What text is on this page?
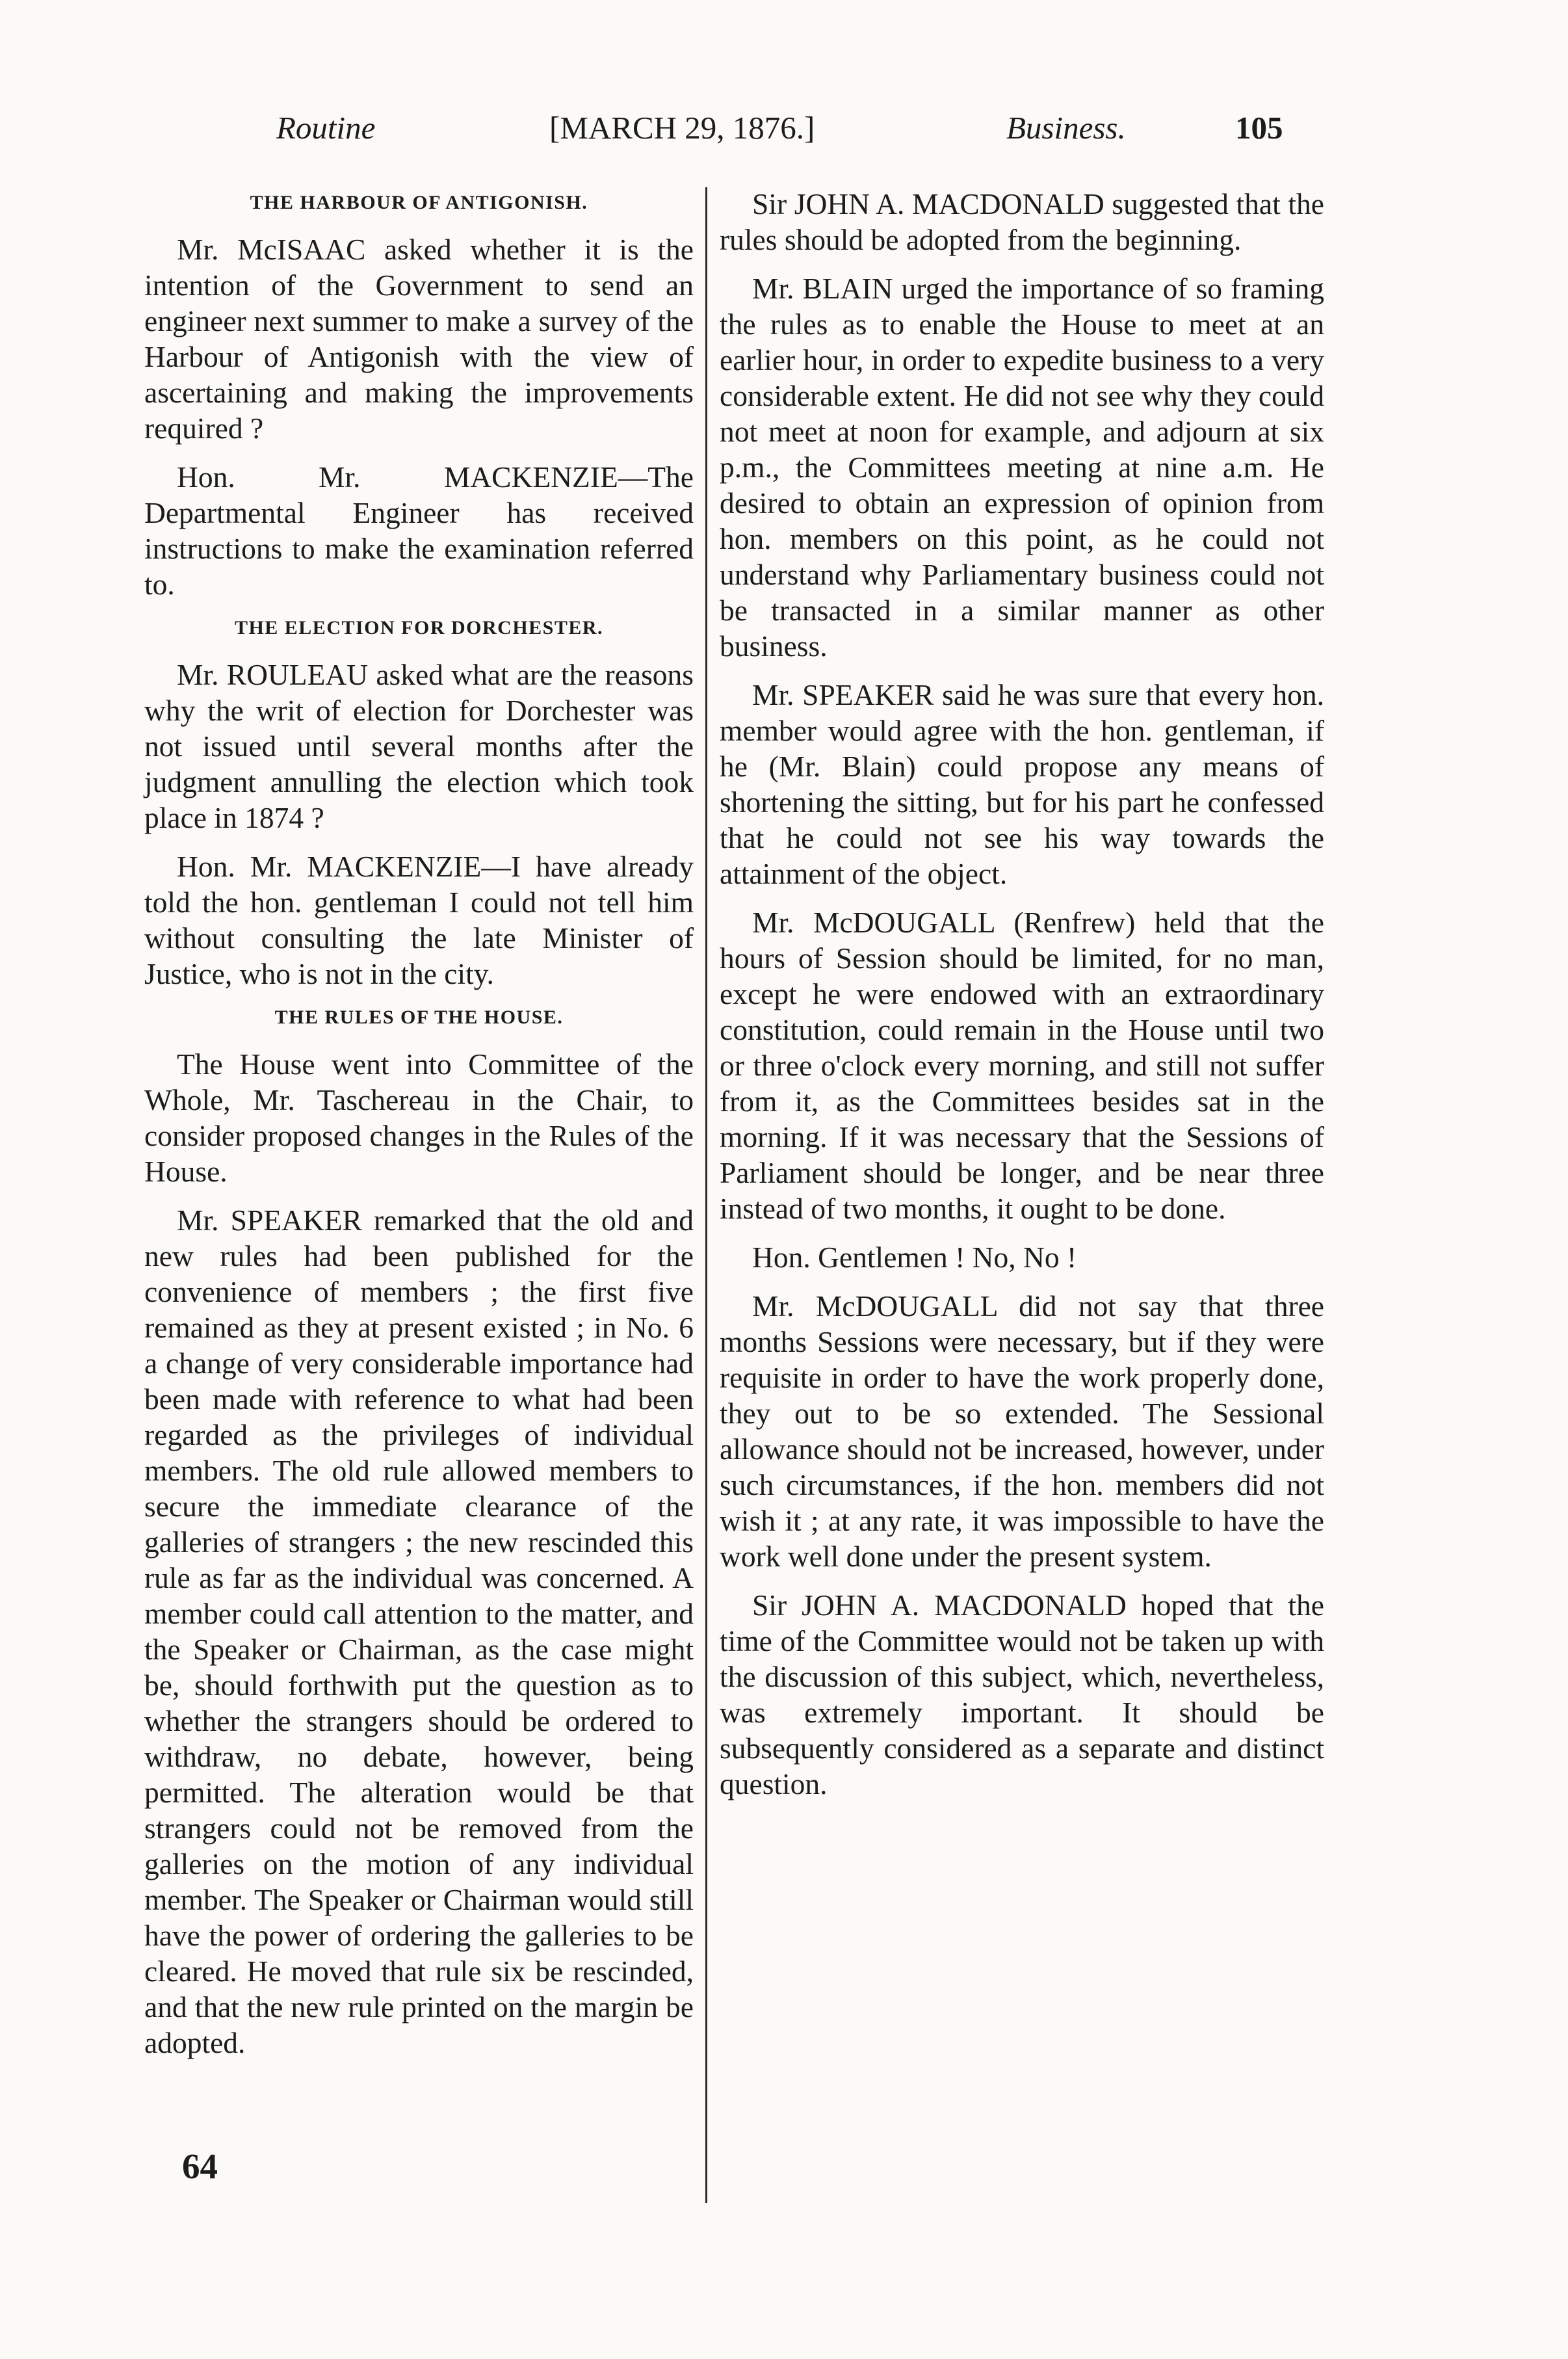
Routine	[MARCH 29, 1876.]	Business.	105
THE HARBOUR OF ANTIGONISH.

Mr. McISAAC asked whether it is the intention of the Government to send an engineer next summer to make a survey of the Harbour of Antigonish with the view of ascertaining and making the improvements required ?

Hon. Mr. MACKENZIE—The Departmental Engineer has received instructions to make the examination referred to.

THE ELECTION FOR DORCHESTER.

Mr. ROULEAU asked what are the reasons why the writ of election for Dorchester was not issued until several months after the judgment annulling the election which took place in 1874 ?

Hon. Mr. MACKENZIE—I have already told the hon. gentleman I could not tell him without consulting the late Minister of Justice, who is not in the city.

THE RULES OF THE HOUSE.

The House went into Committee of the Whole, Mr. Taschereau in the Chair, to consider proposed changes in the Rules of the House.

Mr. SPEAKER remarked that the old and new rules had been published for the convenience of members ; the first five remained as they at present existed ; in No. 6 a change of very considerable importance had been made with reference to what had been regarded as the privileges of individual members. The old rule allowed members to secure the immediate clearance of the galleries of strangers ; the new rescinded this rule as far as the individual was concerned. A member could call attention to the matter, and the Speaker or Chairman, as the case might be, should forthwith put the question as to whether the strangers should be ordered to withdraw, no debate, however, being permitted. The alteration would be that strangers could not be removed from the galleries on the motion of any individual member. The Speaker or Chairman would still have the power of ordering the galleries to be cleared. He moved that rule six be rescinded, and that the new rule printed on the margin be adopted.

Sir JOHN A. MACDONALD suggested that the rules should be adopted from the beginning.

Mr. BLAIN urged the importance of so framing the rules as to enable the House to meet at an earlier hour, in order to expedite business to a very considerable extent. He did not see why they could not meet at noon for example, and adjourn at six p.m., the Committees meeting at nine a.m. He desired to obtain an expression of opinion from hon. members on this point, as he could not understand why Parliamentary business could not be transacted in a similar manner as other business.

Mr. SPEAKER said he was sure that every hon. member would agree with the hon. gentleman, if he (Mr. Blain) could propose any means of shortening the sitting, but for his part he confessed that he could not see his way towards the attainment of the object.

Mr. McDOUGALL (Renfrew) held that the hours of Session should be limited, for no man, except he were endowed with an extraordinary constitution, could remain in the House until two or three o'clock every morning, and still not suffer from it, as the Committees besides sat in the morning. If it was necessary that the Sessions of Parliament should be longer, and be near three instead of two months, it ought to be done.

Hon. Gentlemen ! No, No !

Mr. McDOUGALL did not say that three months Sessions were necessary, but if they were requisite in order to have the work properly done, they out to be so extended. The Sessional allowance should not be increased, however, under such circumstances, if the hon. members did not wish it ; at any rate, it was impossible to have the work well done under the present system.

Sir JOHN A. MACDONALD hoped that the time of the Committee would not be taken up with the discussion of this subject, which, nevertheless, was extremely important. It should be subsequently considered as a separate and distinct question.

64
